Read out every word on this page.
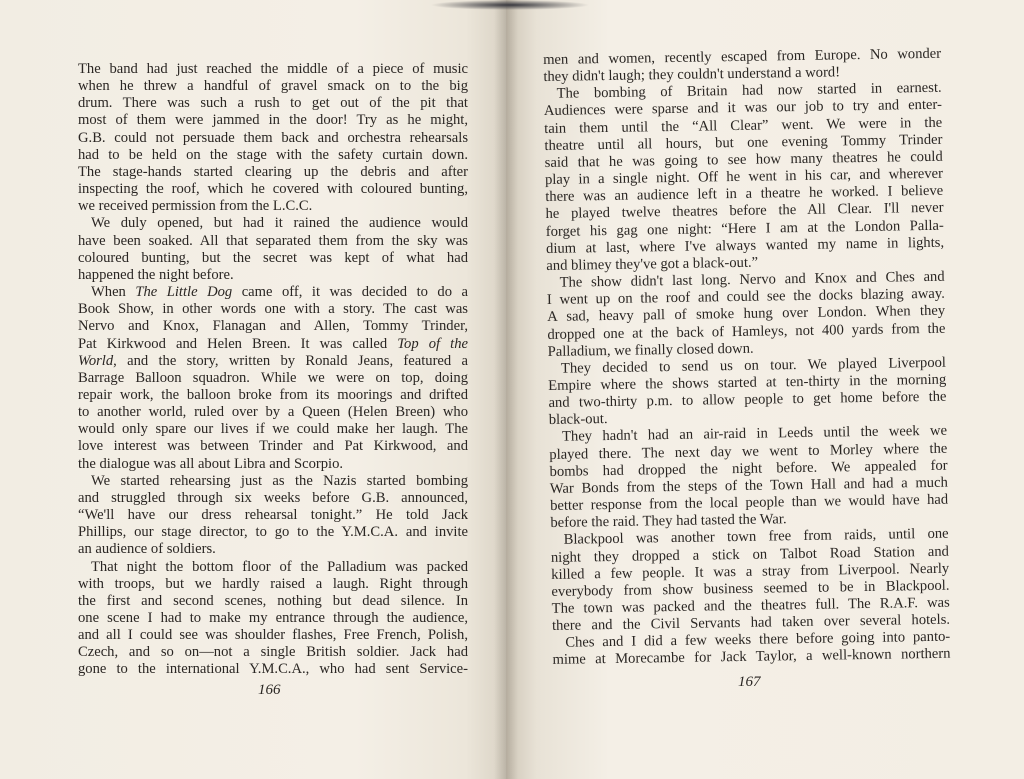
The band had just reached the middle of a piece of music
when he threw a handful of gravel smack on to the big
drum. There was such a rush to get out of the pit that
most of them were jammed in the door! Try as he might,
G.B. could not persuade them back and orchestra rehearsals
had to be held on the stage with the safety curtain down.
The stage-hands started clearing up the debris and after
inspecting the roof, which he covered with coloured bunting,
we received permission from the L.C.C.
We duly opened, but had it rained the audience would
have been soaked. All that separated them from the sky was
coloured bunting, but the secret was kept of what had
happened the night before.
When The Little Dog came off, it was decided to do a
Book Show, in other words one with a story. The cast was
Nervo and Knox, Flanagan and Allen, Tommy Trinder,
Pat Kirkwood and Helen Breen. It was called Top of the
World, and the story, written by Ronald Jeans, featured a
Barrage Balloon squadron. While we were on top, doing
repair work, the balloon broke from its moorings and drifted
to another world, ruled over by a Queen (Helen Breen) who
would only spare our lives if we could make her laugh. The
love interest was between Trinder and Pat Kirkwood, and
the dialogue was all about Libra and Scorpio.
We started rehearsing just as the Nazis started bombing
and struggled through six weeks before G.B. announced,
“We'll have our dress rehearsal tonight.” He told Jack
Phillips, our stage director, to go to the Y.M.C.A. and invite
an audience of soldiers.
That night the bottom floor of the Palladium was packed
with troops, but we hardly raised a laugh. Right through
the first and second scenes, nothing but dead silence. In
one scene I had to make my entrance through the audience,
and all I could see was shoulder flashes, Free French, Polish,
Czech, and so on—not a single British soldier. Jack had
gone to the international Y.M.C.A., who had sent Service-
166
men and women, recently escaped from Europe. No wonder
they didn't laugh; they couldn't understand a word!
The bombing of Britain had now started in earnest.
Audiences were sparse and it was our job to try and enter-
tain them until the “All Clear” went. We were in the
theatre until all hours, but one evening Tommy Trinder
said that he was going to see how many theatres he could
play in a single night. Off he went in his car, and wherever
there was an audience left in a theatre he worked. I believe
he played twelve theatres before the All Clear. I'll never
forget his gag one night: “Here I am at the London Palla-
dium at last, where I've always wanted my name in lights,
and blimey they've got a black-out.”
The show didn't last long. Nervo and Knox and Ches and
I went up on the roof and could see the docks blazing away.
A sad, heavy pall of smoke hung over London. When they
dropped one at the back of Hamleys, not 400 yards from the
Palladium, we finally closed down.
They decided to send us on tour. We played Liverpool
Empire where the shows started at ten-thirty in the morning
and two-thirty p.m. to allow people to get home before the
black-out.
They hadn't had an air-raid in Leeds until the week we
played there. The next day we went to Morley where the
bombs had dropped the night before. We appealed for
War Bonds from the steps of the Town Hall and had a much
better response from the local people than we would have had
before the raid. They had tasted the War.
Blackpool was another town free from raids, until one
night they dropped a stick on Talbot Road Station and
killed a few people. It was a stray from Liverpool. Nearly
everybody from show business seemed to be in Blackpool.
The town was packed and the theatres full. The R.A.F. was
there and the Civil Servants had taken over several hotels.
Ches and I did a few weeks there before going into panto-
mime at Morecambe for Jack Taylor, a well-known northern
167
